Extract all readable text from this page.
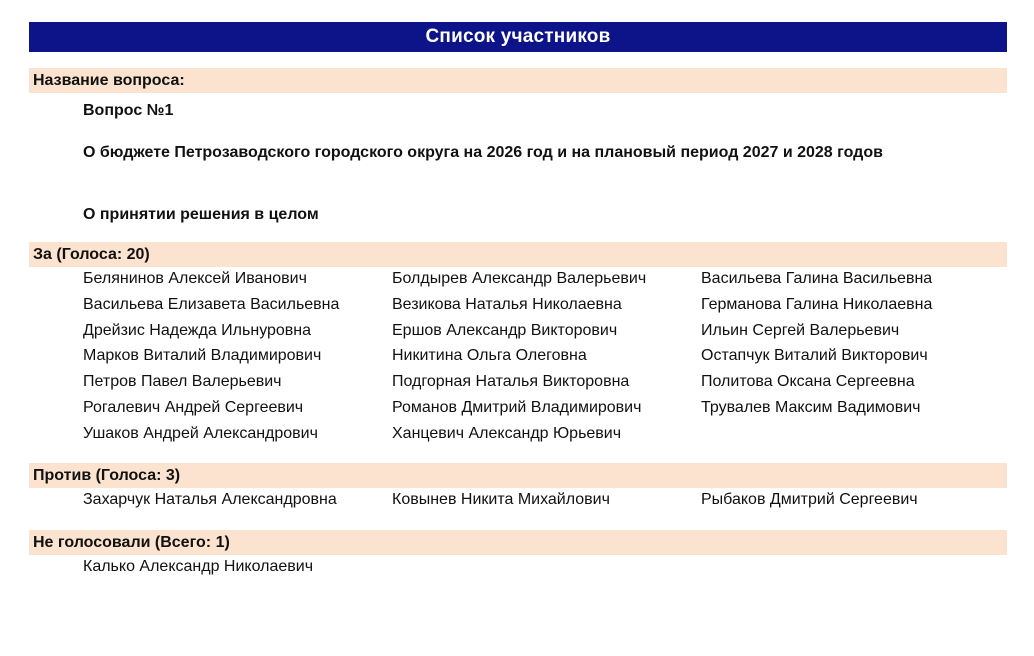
Список участников
Название вопроса:
Вопрос №1
О бюджете Петрозаводского городского округа на 2026 год и на плановый период 2027 и 2028 годов
О принятии решения в целом
За (Голоса: 20)
Белянинов Алексей Иванович	Болдырев Александр Валерьевич	Васильева Галина Васильевна
Васильева Елизавета Васильевна	Везикова Наталья Николаевна	Германова Галина Николаевна
Дрейзис Надежда Ильнуровна	Ершов Александр Викторович	Ильин Сергей Валерьевич
Марков Виталий Владимирович	Никитина Ольга Олеговна	Остапчук Виталий Викторович
Петров Павел Валерьевич	Подгорная Наталья Викторовна	Политова Оксана Сергеевна
Рогалевич Андрей Сергеевич	Романов Дмитрий Владимирович	Трувалев Максим Вадимович
Ушаков Андрей Александрович	Ханцевич Александр Юрьевич
Против (Голоса: 3)
Захарчук Наталья Александровна	Ковынев Никита Михайлович	Рыбаков Дмитрий Сергеевич
Не голосовали (Всего: 1)
Калько Александр Николаевич
